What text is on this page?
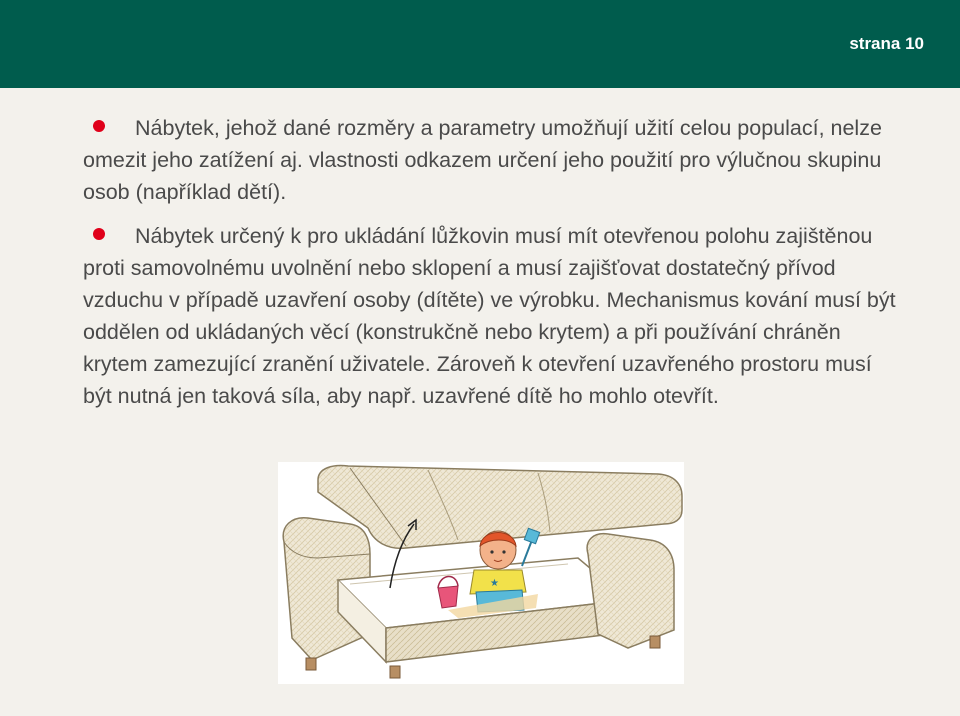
strana 10

Nábytek, jehož dané rozměry a parametry umožňují užití celou populací, nelze omezit jeho zatížení aj. vlastnosti odkazem určení jeho použití pro výlučnou skupinu osob (například dětí).

Nábytek určený k pro ukládání lůžkovin musí mít otevřenou polohu zajištěnou proti samovolnému uvolnění nebo sklopení a musí zajišťovat dostatečný přívod vzduchu v případě uzavření osoby (dítěte) ve výrobku. Mechanismus kování musí být oddělen od ukládaných věcí (konstrukčně nebo krytem) a při používání chráněn krytem zamezující zranění uživatele. Zároveň k otevření uzavřeného prostoru musí být nutná jen taková síla, aby např. uzavřené dítě ho mohlo otevřít.

★
